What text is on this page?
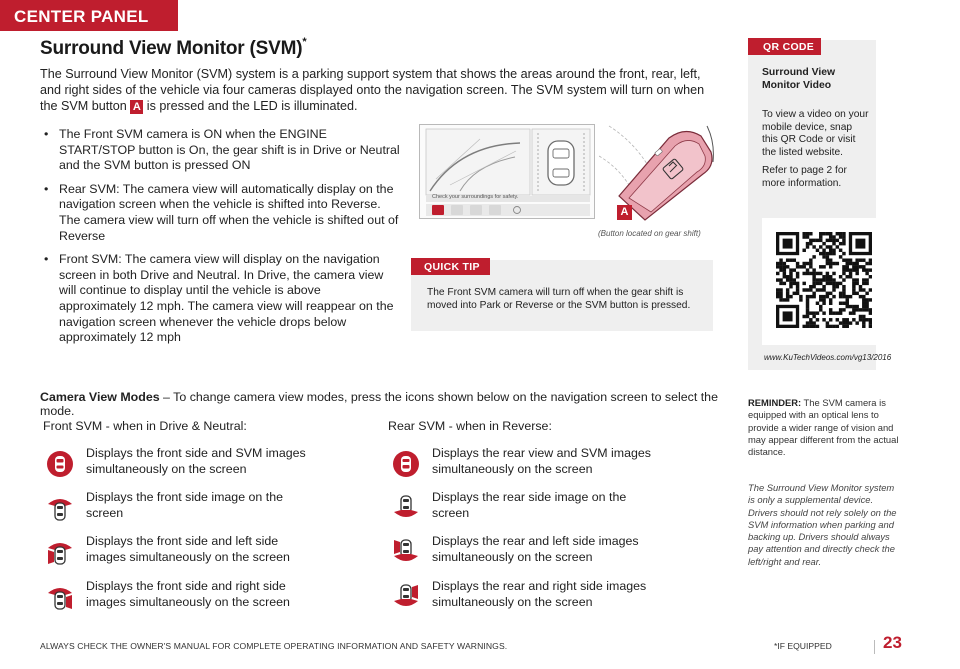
CENTER PANEL
Surround View Monitor (SVM)*
The Surround View Monitor (SVM) system is a parking support system that shows the areas around the front, rear, left, and right sides of the vehicle via four cameras displayed onto the navigation screen. The SVM system will turn on when the SVM button A is pressed and the LED is illuminated.
• The Front SVM camera is ON when the ENGINE START/STOP button is On, the gear shift is in Drive or Neutral and the SVM button is pressed ON
• Rear SVM: The camera view will automatically display on the navigation screen when the vehicle is shifted into Reverse. The camera view will turn off when the vehicle is shifted out of Reverse
• Front SVM: The camera view will display on the navigation screen in both Drive and Neutral. In Drive, the camera view will continue to display until the vehicle is above approximately 12 mph. The camera view will reappear on the navigation screen whenever the vehicle drops below approximately 12 mph
Check your surroundings for safety.
A
(Button located on gear shift)
QUICK TIP
The Front SVM camera will turn off when the gear shift is moved into Park or Reverse or the SVM button is pressed.
QR CODE
Surround View Monitor Video

To view a video on your mobile device, snap this QR Code or visit the listed website.

Refer to page 2 for more information.

www.KuTechVideos.com/vg13/2016
Camera View Modes – To change camera view modes, press the icons shown below on the navigation screen to select the mode.
Front SVM - when in Drive & Neutral:	Rear SVM - when in Reverse:
Displays the front side and SVM images simultaneously on the screen
Displays the front side image on the screen
Displays the front side and left side images simultaneously on the screen
Displays the front side and right side images simultaneously on the screen
Displays the rear view and SVM images simultaneously on the screen
Displays the rear side image on the screen
Displays the rear and left side images simultaneously on the screen
Displays the rear and right side images simultaneously on the screen
REMINDER: The SVM camera is equipped with an optical lens to provide a wider range of vision and may appear different from the actual distance.
The Surround View Monitor system is only a supplemental device. Drivers should not rely solely on the SVM information when parking and backing up. Drivers should always pay attention and directly check the left/right and rear.
ALWAYS CHECK THE OWNER'S MANUAL FOR COMPLETE OPERATING INFORMATION AND SAFETY WARNINGS.	*IF EQUIPPED	23
